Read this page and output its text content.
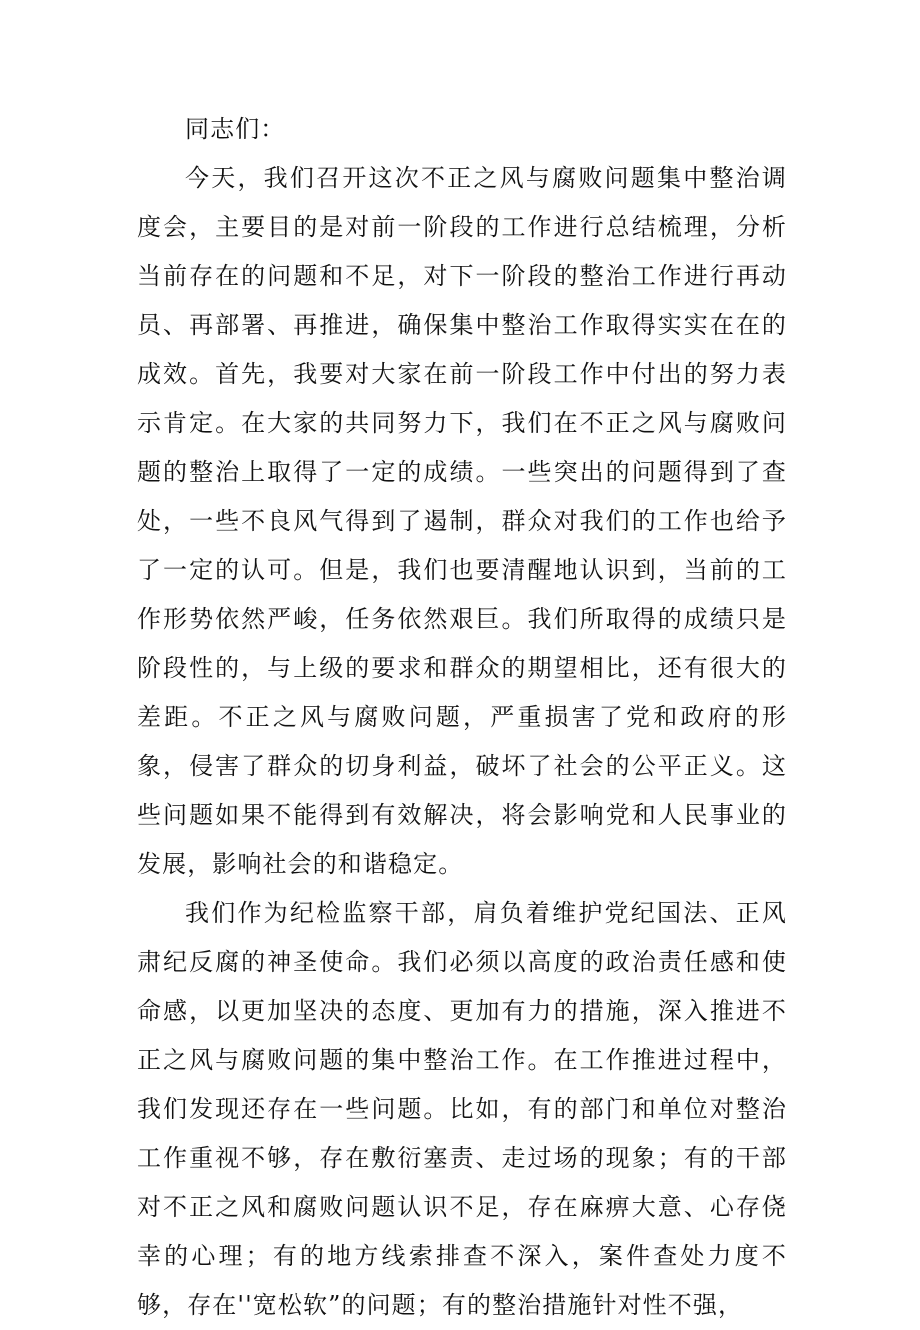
同志们：

今天，我们召开这次不正之风与腐败问题集中整治调度会，主要目的是对前一阶段的工作进行总结梳理，分析当前存在的问题和不足，对下一阶段的整治工作进行再动员、再部署、再推进，确保集中整治工作取得实实在在的成效。首先，我要对大家在前一阶段工作中付出的努力表示肯定。在大家的共同努力下，我们在不正之风与腐败问题的整治上取得了一定的成绩。一些突出的问题得到了查处，一些不良风气得到了遏制，群众对我们的工作也给予了一定的认可。但是，我们也要清醒地认识到，当前的工作形势依然严峻，任务依然艰巨。我们所取得的成绩只是阶段性的，与上级的要求和群众的期望相比，还有很大的差距。不正之风与腐败问题，严重损害了党和政府的形象，侵害了群众的切身利益，破坏了社会的公平正义。这些问题如果不能得到有效解决，将会影响党和人民事业的发展，影响社会的和谐稳定。

我们作为纪检监察干部，肩负着维护党纪国法、正风肃纪反腐的神圣使命。我们必须以高度的政治责任感和使命感，以更加坚决的态度、更加有力的措施，深入推进不正之风与腐败问题的集中整治工作。在工作推进过程中，我们发现还存在一些问题。比如，有的部门和单位对整治工作重视不够，存在敷衍塞责、走过场的现象；有的干部对不正之风和腐败问题认识不足，存在麻痹大意、心存侥幸的心理；有的地方线索排查不深入，案件查处力度不够，存在''宽松软”的问题；有的整治措施针对性不强，
